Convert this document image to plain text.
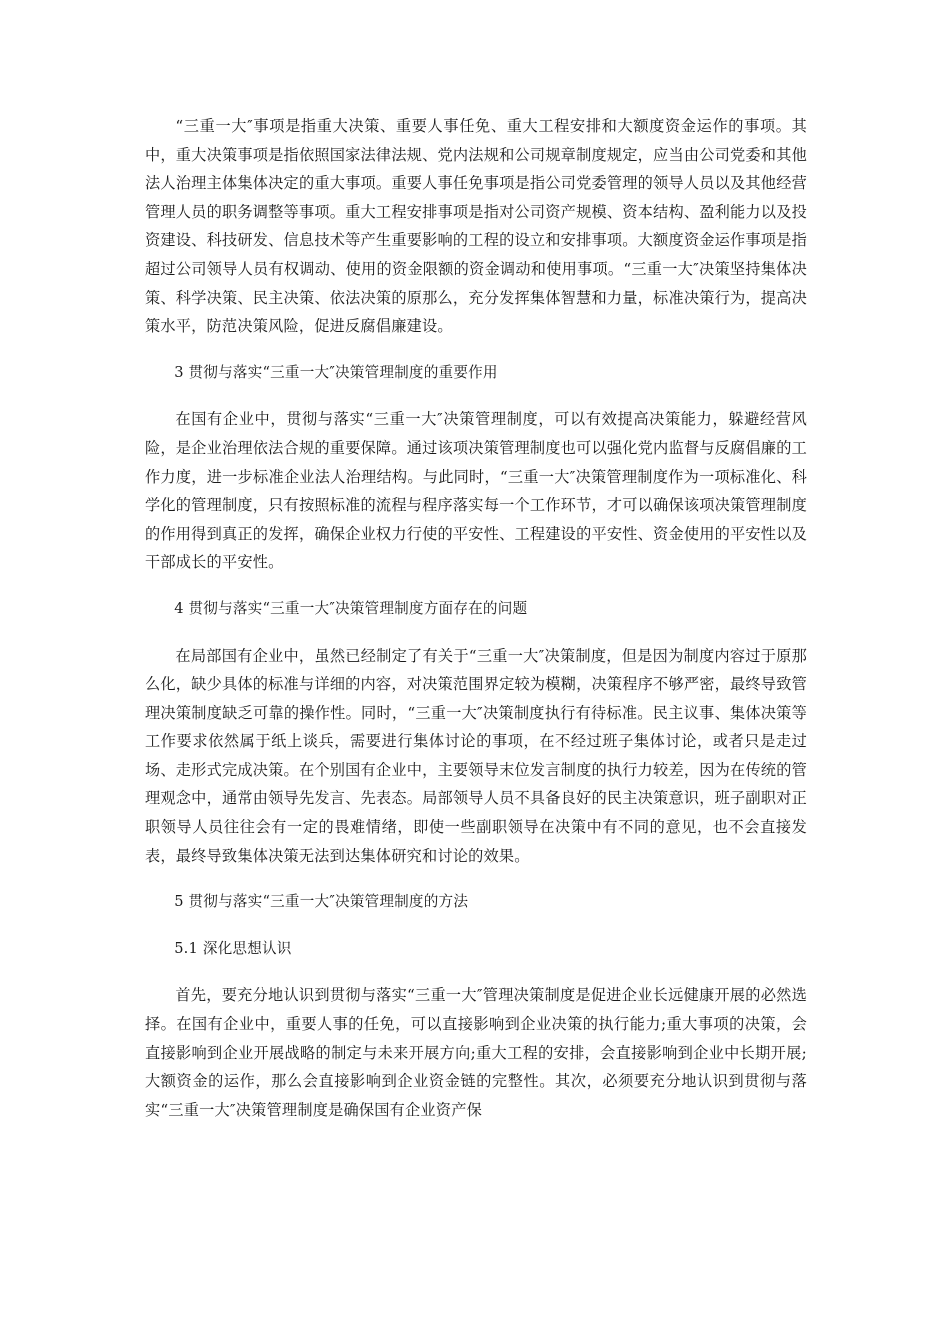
“三重一大″事项是指重大决策、重要人事任免、重大工程安排和大额度资金运作的事项。其中，重大决策事项是指依照国家法律法规、党内法规和公司规章制度规定，应当由公司党委和其他法人治理主体集体决定的重大事项。重要人事任免事项是指公司党委管理的领导人员以及其他经营管理人员的职务调整等事项。重大工程安排事项是指对公司资产规模、资本结构、盈利能力以及投资建设、科技研发、信息技术等产生重要影响的工程的设立和安排事项。大额度资金运作事项是指超过公司领导人员有权调动、使用的资金限额的资金调动和使用事项。“三重一大″决策坚持集体决策、科学决策、民主决策、依法决策的原那么，充分发挥集体智慧和力量，标准决策行为，提高决策水平，防范决策风险，促进反腐倡廉建设。

3 贯彻与落实“三重一大″决策管理制度的重要作用

在国有企业中，贯彻与落实“三重一大″决策管理制度，可以有效提高决策能力，躲避经营风险，是企业治理依法合规的重要保障。通过该项决策管理制度也可以强化党内监督与反腐倡廉的工作力度，进一步标准企业法人治理结构。与此同时，“三重一大″决策管理制度作为一项标准化、科学化的管理制度，只有按照标准的流程与程序落实每一个工作环节，才可以确保该项决策管理制度的作用得到真正的发挥，确保企业权力行使的平安性、工程建设的平安性、资金使用的平安性以及干部成长的平安性。

4 贯彻与落实“三重一大″决策管理制度方面存在的问题

在局部国有企业中，虽然已经制定了有关于“三重一大″决策制度，但是因为制度内容过于原那么化，缺少具体的标准与详细的内容，对决策范围界定较为模糊，决策程序不够严密，最终导致管理决策制度缺乏可靠的操作性。同时，“三重一大″决策制度执行有待标准。民主议事、集体决策等工作要求依然属于纸上谈兵，需要进行集体讨论的事项，在不经过班子集体讨论，或者只是走过场、走形式完成决策。在个别国有企业中，主要领导末位发言制度的执行力较差，因为在传统的管理观念中，通常由领导先发言、先表态。局部领导人员不具备良好的民主决策意识，班子副职对正职领导人员往往会有一定的畏难情绪，即使一些副职领导在决策中有不同的意见，也不会直接发表，最终导致集体决策无法到达集体研究和讨论的效果。

5 贯彻与落实“三重一大″决策管理制度的方法

5.1 深化思想认识

首先，要充分地认识到贯彻与落实“三重一大″管理决策制度是促进企业长远健康开展的必然选择。在国有企业中，重要人事的任免，可以直接影响到企业决策的执行能力;重大事项的决策，会直接影响到企业开展战略的制定与未来开展方向;重大工程的安排，会直接影响到企业中长期开展;大额资金的运作，那么会直接影响到企业资金链的完整性。其次，必须要充分地认识到贯彻与落实“三重一大″决策管理制度是确保国有企业资产保
